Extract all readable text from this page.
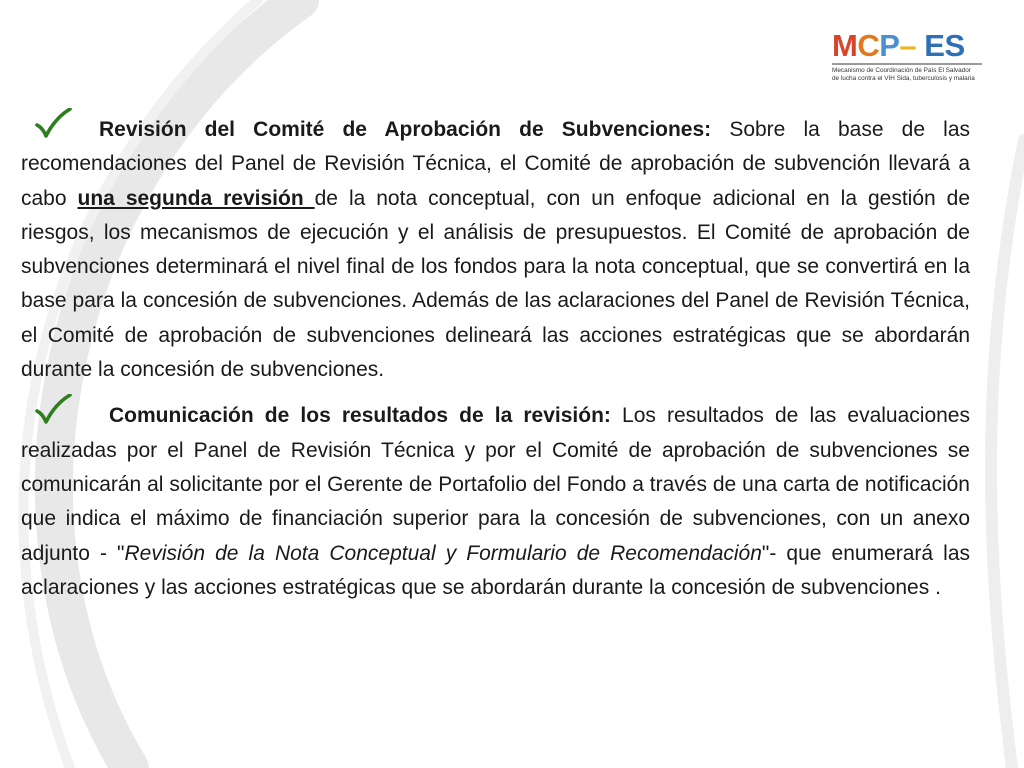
MCP– ES
Mecanismo de Coordinación de País El Salvador
de lucha contra el VIH Sida, tuberculosis y malaria

Revisión del Comité de Aprobación de Subvenciones: Sobre la base de las recomendaciones del Panel de Revisión Técnica, el Comité de aprobación de subvención llevará a cabo una segunda revisión de la nota conceptual, con un enfoque adicional en la gestión de riesgos, los mecanismos de ejecución y el análisis de presupuestos. El Comité de aprobación de subvenciones determinará el nivel final de los fondos para la nota conceptual, que se convertirá en la base para la concesión de subvenciones. Además de las aclaraciones del Panel de Revisión Técnica, el Comité de aprobación de subvenciones delineará las acciones estratégicas que se abordarán durante la concesión de subvenciones.

Comunicación de los resultados de la revisión: Los resultados de las evaluaciones realizadas por el Panel de Revisión Técnica y por el Comité de aprobación de subvenciones se comunicarán al solicitante por el Gerente de Portafolio del Fondo a través de una carta de notificación que indica el máximo de financiación superior para la concesión de subvenciones, con un anexo adjunto - "Revisión de la Nota Conceptual y Formulario de Recomendación"- que enumerará las aclaraciones y las acciones estratégicas que se abordarán durante la concesión de subvenciones .
